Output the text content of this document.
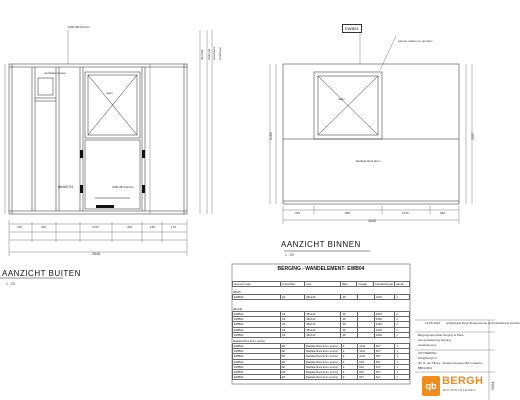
HSB 38x140mm
ventilatie rooster
raam
HSB 38x140mm
detail 04
2645
410	400	1130	400	180	176
doorstijl zijdorpel staanders windmuur
AANZICHT BUITEN
1 : 20
EWB04
paneel maken en opzolen
raam
Radiata Riva 9mm
2645
2597
2165
349	899	1015	382
AANZICHT BINNEN
1 : 20
BERGING - WANDELEMENT- EWB04
element code	houtprofiel	type	dikte	hoogte	breedte/lengte	aantal
38x45
EWB04	A0	38x140	38		1000	1
38x140
EWB04	A6	38x140	38		2645	2
EWB04	A6	38x140	38		3350	3
EWB04	A6	38x140	38		2150	2
EWB04	A6	38x140	38		1000	1
EWB04	A6	38x140	38		1600	1
Radiata Riva 9mm (extra)
EWB04	A8	Radiata Riva 9mm (extra)	9	1131	827	1
EWB04	A8	Radiata Riva 9mm (extra)	9	1131	507	1
EWB04	A8	Radiata Riva 9mm (extra)	9	1131	507	1
EWB04	A8	Radiata Riva 9mm (extra)	9	678	507	1
EWB04	A8	Radiata Riva 9mm (extra)	9	610	617	1
EWB04	A8	Radiata Riva 9mm (extra)	9	610	877	1
EWB04	A8	Radiata Riva 9mm (extra)	9	607	617	1
14-06-2019 opdrachtgegr Bergh Bouwsystemen productietekening/ verwerkt
Bergingsrenovatie berging & Patio
elementtekening berging
wandelement
UITVOERING
info@bergh.nl
dhr. R. van Tilburg - Venstermolenweg 180 te Haarlem
BB191001
W04
qb BERGH
BOUWSYSTEMEN
